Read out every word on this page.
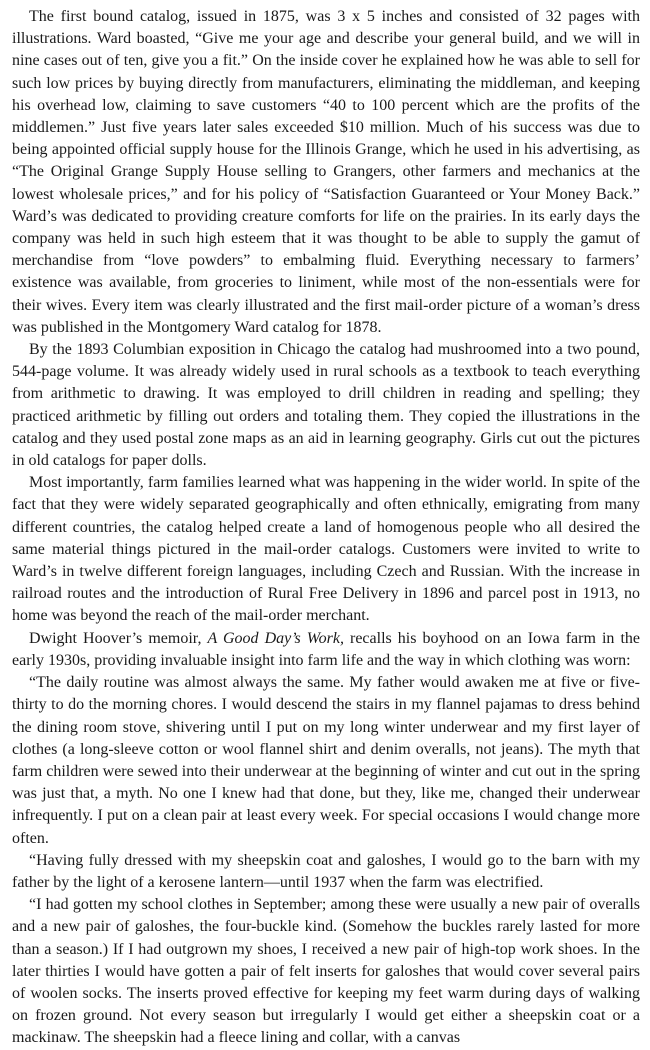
The first bound catalog, issued in 1875, was 3 x 5 inches and consisted of 32 pages with illustrations. Ward boasted, “Give me your age and describe your general build, and we will in nine cases out of ten, give you a fit.” On the inside cover he explained how he was able to sell for such low prices by buying directly from manufacturers, eliminating the middleman, and keeping his overhead low, claiming to save customers “40 to 100 percent which are the profits of the middlemen.” Just five years later sales exceeded $10 million. Much of his success was due to being appointed official supply house for the Illinois Grange, which he used in his advertising, as “The Original Grange Supply House selling to Grangers, other farmers and mechanics at the lowest wholesale prices,” and for his policy of “Satisfaction Guaranteed or Your Money Back.” Ward’s was dedicated to providing creature comforts for life on the prairies. In its early days the company was held in such high esteem that it was thought to be able to supply the gamut of merchandise from “love powders” to embalming fluid. Everything necessary to farmers’ existence was available, from groceries to liniment, while most of the non-essentials were for their wives. Every item was clearly illustrated and the first mail-order picture of a woman’s dress was published in the Montgomery Ward catalog for 1878.

By the 1893 Columbian exposition in Chicago the catalog had mushroomed into a two pound, 544-page volume. It was already widely used in rural schools as a textbook to teach everything from arithmetic to drawing. It was employed to drill children in reading and spelling; they practiced arithmetic by filling out orders and totaling them. They copied the illustrations in the catalog and they used postal zone maps as an aid in learning geography. Girls cut out the pictures in old catalogs for paper dolls.

Most importantly, farm families learned what was happening in the wider world. In spite of the fact that they were widely separated geographically and often ethnically, emigrating from many different countries, the catalog helped create a land of homogenous people who all desired the same material things pictured in the mail-order catalogs. Customers were invited to write to Ward’s in twelve different foreign languages, including Czech and Russian. With the increase in railroad routes and the introduction of Rural Free Delivery in 1896 and parcel post in 1913, no home was beyond the reach of the mail-order merchant.

Dwight Hoover’s memoir, A Good Day’s Work, recalls his boyhood on an Iowa farm in the early 1930s, providing invaluable insight into farm life and the way in which clothing was worn:

“The daily routine was almost always the same. My father would awaken me at five or five-thirty to do the morning chores. I would descend the stairs in my flannel pajamas to dress behind the dining room stove, shivering until I put on my long winter underwear and my first layer of clothes (a long-sleeve cotton or wool flannel shirt and denim overalls, not jeans). The myth that farm children were sewed into their underwear at the beginning of winter and cut out in the spring was just that, a myth. No one I knew had that done, but they, like me, changed their underwear infrequently. I put on a clean pair at least every week. For special occasions I would change more often.

“Having fully dressed with my sheepskin coat and galoshes, I would go to the barn with my father by the light of a kerosene lantern—until 1937 when the farm was electrified.

“I had gotten my school clothes in September; among these were usually a new pair of overalls and a new pair of galoshes, the four-buckle kind. (Somehow the buckles rarely lasted for more than a season.) If I had outgrown my shoes, I received a new pair of high-top work shoes. In the later thirties I would have gotten a pair of felt inserts for galoshes that would cover several pairs of woolen socks. The inserts proved effective for keeping my feet warm during days of walking on frozen ground. Not every season but irregularly I would get either a sheepskin coat or a mackinaw. The sheepskin had a fleece lining and collar, with a canvas
